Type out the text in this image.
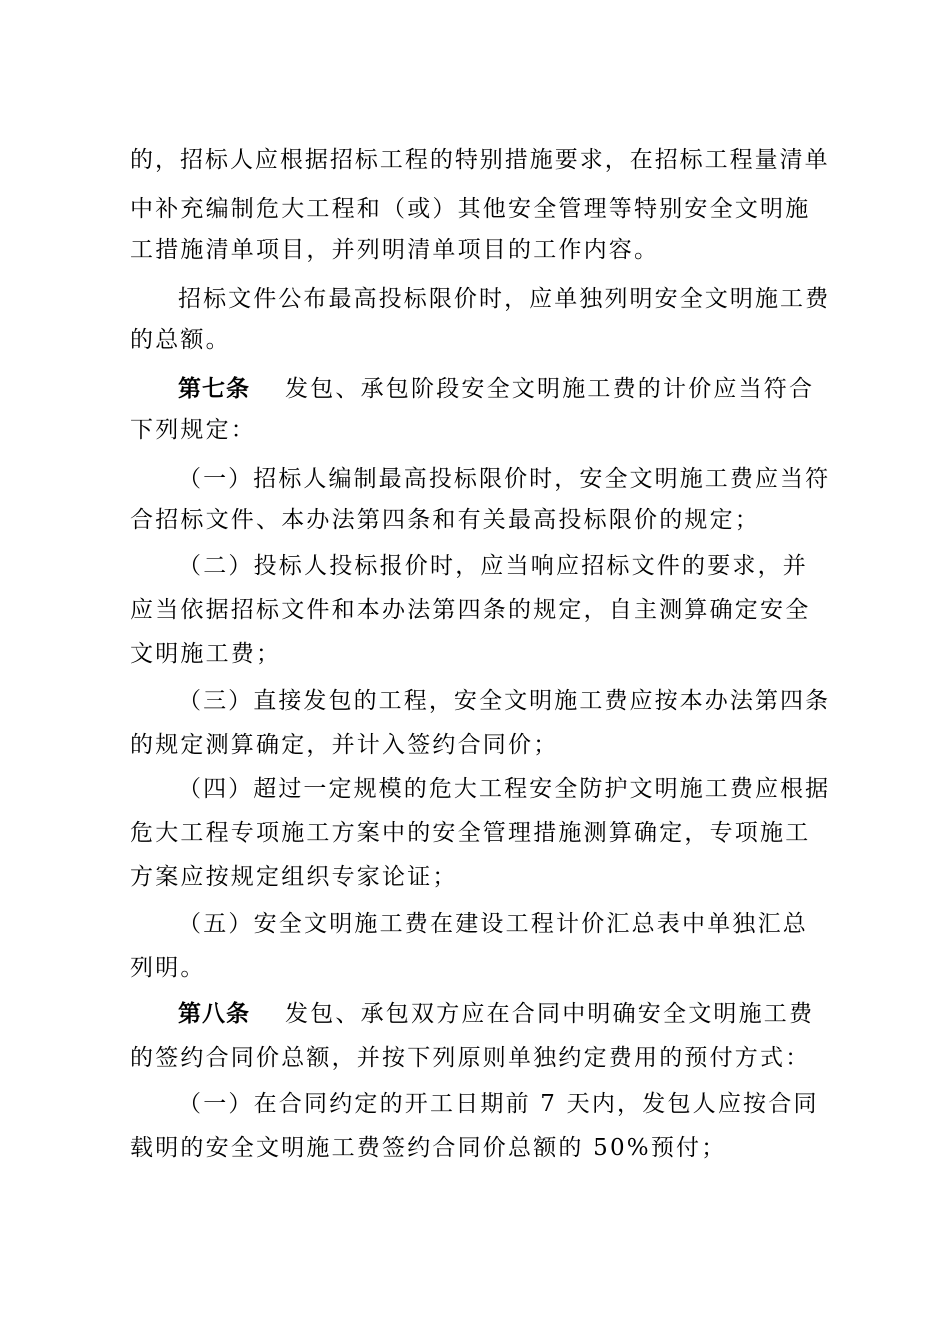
的，招标人应根据招标工程的特别措施要求，在招标工程量清单
中补充编制危大工程和（或）其他安全管理等特别安全文明施
工措施清单项目，并列明清单项目的工作内容。
招标文件公布最高投标限价时，应单独列明安全文明施工费
的总额。
第七条 发包、承包阶段安全文明施工费的计价应当符合
下列规定：
（一）招标人编制最高投标限价时，安全文明施工费应当符
合招标文件、本办法第四条和有关最高投标限价的规定；
（二）投标人投标报价时，应当响应招标文件的要求，并
应当依据招标文件和本办法第四条的规定，自主测算确定安全
文明施工费；
（三）直接发包的工程，安全文明施工费应按本办法第四条
的规定测算确定，并计入签约合同价；
（四）超过一定规模的危大工程安全防护文明施工费应根据
危大工程专项施工方案中的安全管理措施测算确定，专项施工
方案应按规定组织专家论证；
（五）安全文明施工费在建设工程计价汇总表中单独汇总
列明。
第八条 发包、承包双方应在合同中明确安全文明施工费
的签约合同价总额，并按下列原则单独约定费用的预付方式：
（一）在合同约定的开工日期前 7 天内，发包人应按合同
载明的安全文明施工费签约合同价总额的 50%预付；
